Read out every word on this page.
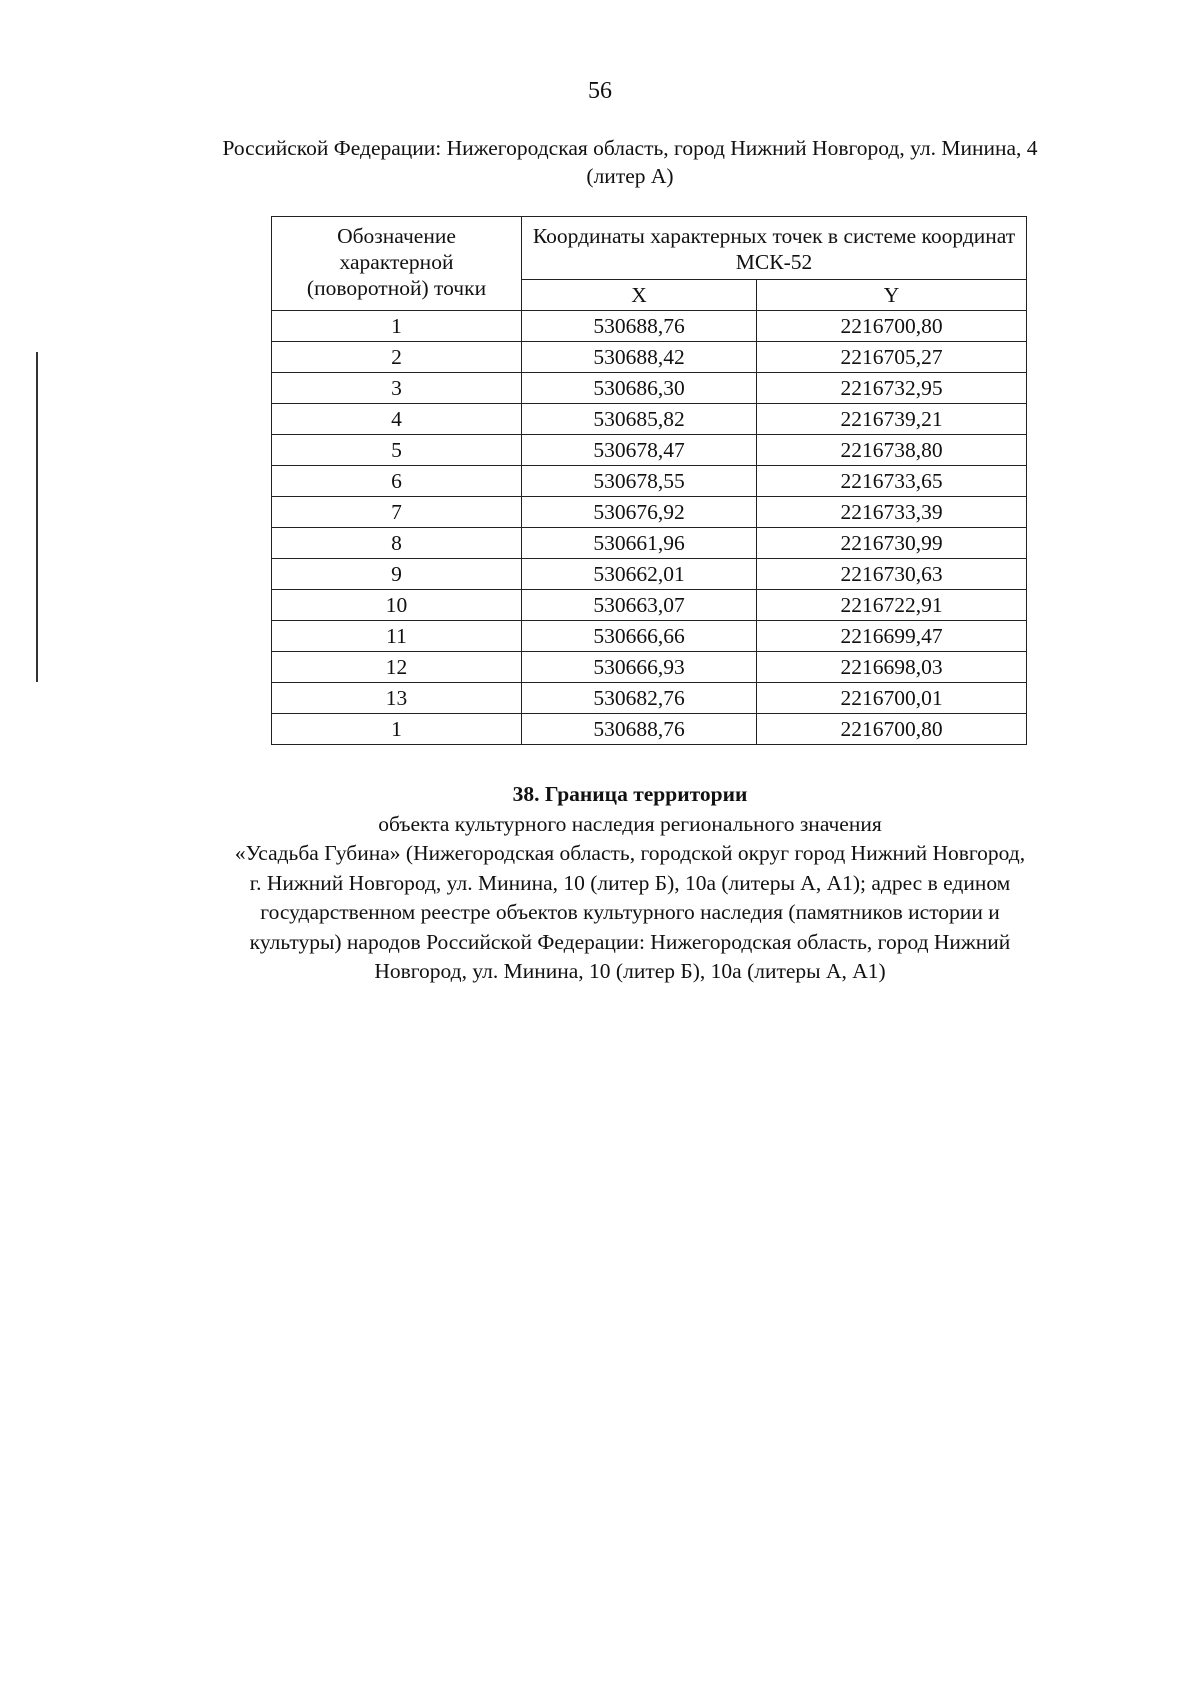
56
Российской Федерации: Нижегородская область, город Нижний Новгород, ул. Минина, 4
(литер А)
Обозначение характерной (поворотной) точки	Координаты характерных точек в системе координат МСК-52	
	X	Y
1	530688,76	2216700,80
2	530688,42	2216705,27
3	530686,30	2216732,95
4	530685,82	2216739,21
5	530678,47	2216738,80
6	530678,55	2216733,65
7	530676,92	2216733,39
8	530661,96	2216730,99
9	530662,01	2216730,63
10	530663,07	2216722,91
11	530666,66	2216699,47
12	530666,93	2216698,03
13	530682,76	2216700,01
1	530688,76	2216700,80
38. Граница территории
объекта культурного наследия регионального значения
«Усадьба Губина» (Нижегородская область, городской округ город Нижний Новгород,
г. Нижний Новгород, ул. Минина, 10 (литер Б), 10а (литеры А, А1); адрес в едином
государственном реестре объектов культурного наследия (памятников истории и
культуры) народов Российской Федерации: Нижегородская область, город Нижний
Новгород, ул. Минина, 10 (литер Б), 10а (литеры А, А1)
